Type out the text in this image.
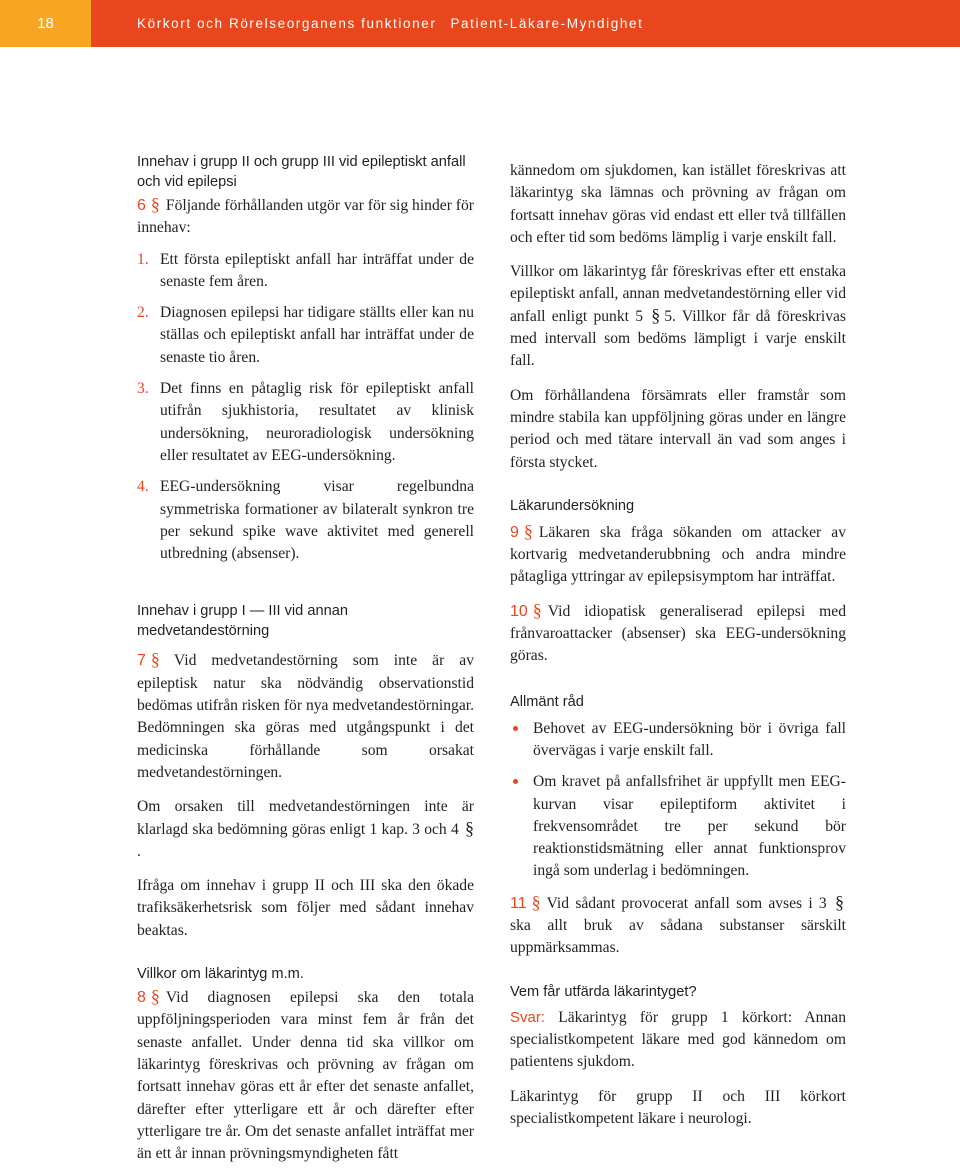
18	Körkort och Rörelseorganens funktioner Patient-Läkare-Myndighet
Innehav i grupp II och grupp III vid epileptiskt anfall och vid epilepsi

6 § Följande förhållanden utgör var för sig hinder för innehav:

1. Ett första epileptiskt anfall har inträffat under de senaste fem åren.

2. Diagnosen epilepsi har tidigare ställts eller kan nu ställas och epileptiskt anfall har inträffat under de senaste tio åren.

3. Det finns en påtaglig risk för epileptiskt anfall utifrån sjukhistoria, resultatet av klinisk undersökning, neuroradiologisk undersökning eller resultatet av EEG-undersökning.

4. EEG-undersökning visar regelbundna symmetriska formationer av bilateralt synkron tre per sekund spike wave aktivitet med generell utbredning (absenser).

Innehav i grupp I — III vid annan medvetandestörning

7 § Vid medvetandestörning som inte är av epileptisk natur ska nödvändig observationstid bedömas utifrån risken för nya medvetandestörningar. Bedömningen ska göras med utgångspunkt i det medicinska förhållande som orsakat medvetandestörningen.

Om orsaken till medvetandestörningen inte är klarlagd ska bedömning göras enligt 1 kap. 3 och 4 §.

Ifråga om innehav i grupp II och III ska den ökade trafiksäkerhetsrisk som följer med sådant innehav beaktas.

Villkor om läkarintyg m.m.

8 § Vid diagnosen epilepsi ska den totala uppföljningsperioden vara minst fem år från det senaste anfallet. Under denna tid ska villkor om läkarintyg föreskrivas och prövning av frågan om fortsatt innehav göras ett år efter det senaste anfallet, därefter efter ytterligare ett år och därefter efter ytterligare tre år. Om det senaste anfallet inträffat mer än ett år innan prövningsmyndigheten fått

kännedom om sjukdomen, kan istället föreskrivas att läkarintyg ska lämnas och prövning av frågan om fortsatt innehav göras vid endast ett eller två tillfällen och efter tid som bedöms lämplig i varje enskilt fall.

Villkor om läkarintyg får föreskrivas efter ett enstaka epileptiskt anfall, annan medvetandestörning eller vid anfall enligt punkt 5 § 5. Villkor får då föreskrivas med intervall som bedöms lämpligt i varje enskilt fall.

Om förhållandena försämrats eller framstår som mindre stabila kan uppföljning göras under en längre period och med tätare intervall än vad som anges i första stycket.

Läkarundersökning

9 § Läkaren ska fråga sökanden om attacker av kortvarig medvetanderubbning och andra mindre påtagliga yttringar av epilepsisymptom har inträffat.

10 § Vid idiopatisk generaliserad epilepsi med frånvaroattacker (absenser) ska EEG-undersökning göras.

Allmänt råd

Behovet av EEG-undersökning bör i övriga fall övervägas i varje enskilt fall.

Om kravet på anfallsfrihet är uppfyllt men EEG-kurvan visar epileptiform aktivitet i frekvensområdet tre per sekund bör reaktionstidsmätning eller annat funktionsprov ingå som underlag i bedömningen.

11 § Vid sådant provocerat anfall som avses i 3 § ska allt bruk av sådana substanser särskilt uppmärksammas.

Vem får utfärda läkarintyget?

Svar: Läkarintyg för grupp 1 körkort: Annan specialistkompetent läkare med god kännedom om patientens sjukdom.

Läkarintyg för grupp II och III körkort specialistkompetent läkare i neurologi.
